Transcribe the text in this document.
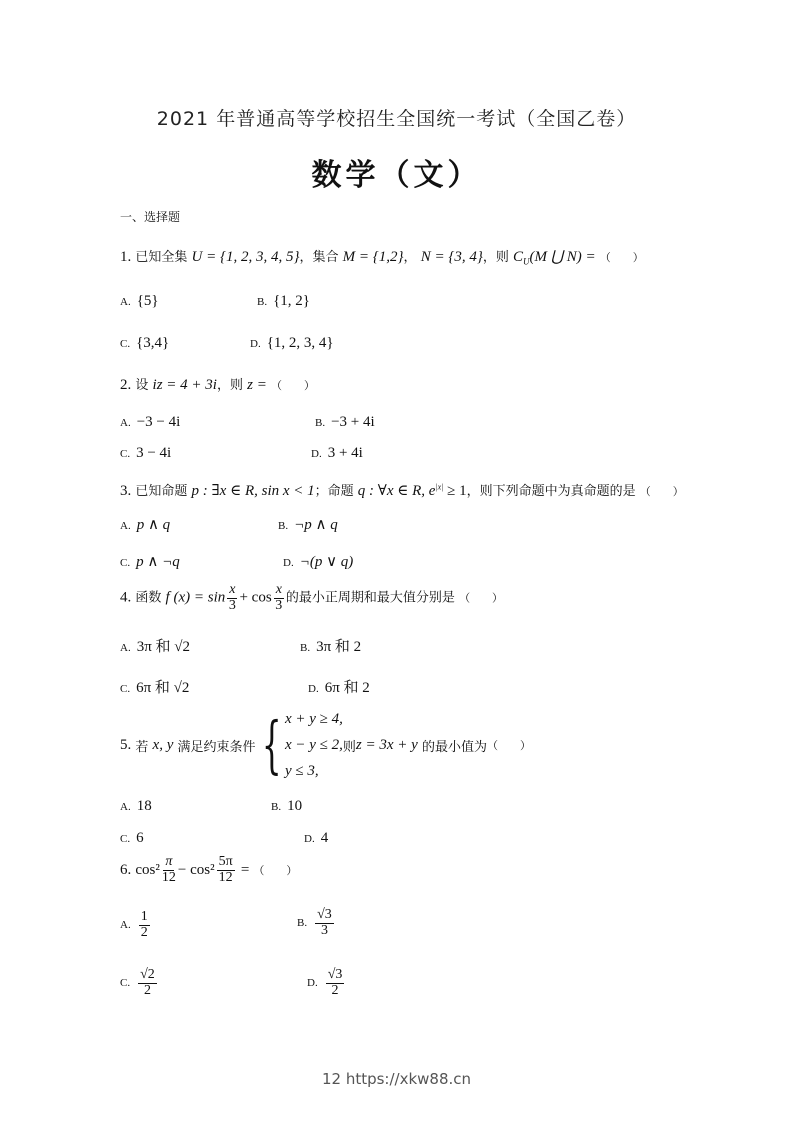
2021 年普通高等学校招生全国统一考试（全国乙卷）
数学（文）
一、选择题
1. 已知全集 U = {1, 2, 3, 4, 5}，集合 M = {1,2}， N = {3, 4}，则 $C_U(M$ ⋃ N) = （　　）
A. {5}	B. {1, 2}
C. {3,4}	D. {1, 2, 3, 4}
2. 设 iz = 4 + 3i，则 z = （　　）
A. −3 − 4i	B. −3 + 4i
C. 3 − 4i	D. 3 + 4i
3. 已知命题 p : ∃x ∈ R, sin x < 1；命题 q : ∀x ∈ R, $e^{|x|} \ge 1$，则下列命题中为真命题的是 （　　）
A. p ∧ q	B. ¬p ∧ q
C. p ∧ ¬q	D. ¬(p ∨ q)
4. 函数 f $(x) = \sin \frac{x}{3} + \cos \frac{x}{3}$ 的最小正周期和最大值分别是 （　　）
A. 3π 和 √2	B. 3π 和 2
C. 6π 和 √2	D. 6π 和 2
5.
若
x, y
满足约束条件 { x + y ≥ 4,
x − y ≤ 2,
y ≤ 3,
则 z = 3x + y
的最小值为 （　　）
A. 18	B. 10
C. 6	D. 4
6.
$\cos^2 \frac{\pi}{12} - \cos^2 \frac{5\pi}{12}$
=
（　　）
A. $\frac{1}{2}$	B. $\frac{√3}{3}$
C. $\frac{√2}{2}$	D. $\frac{√3}{2}$
12 https://xkw88.cn
